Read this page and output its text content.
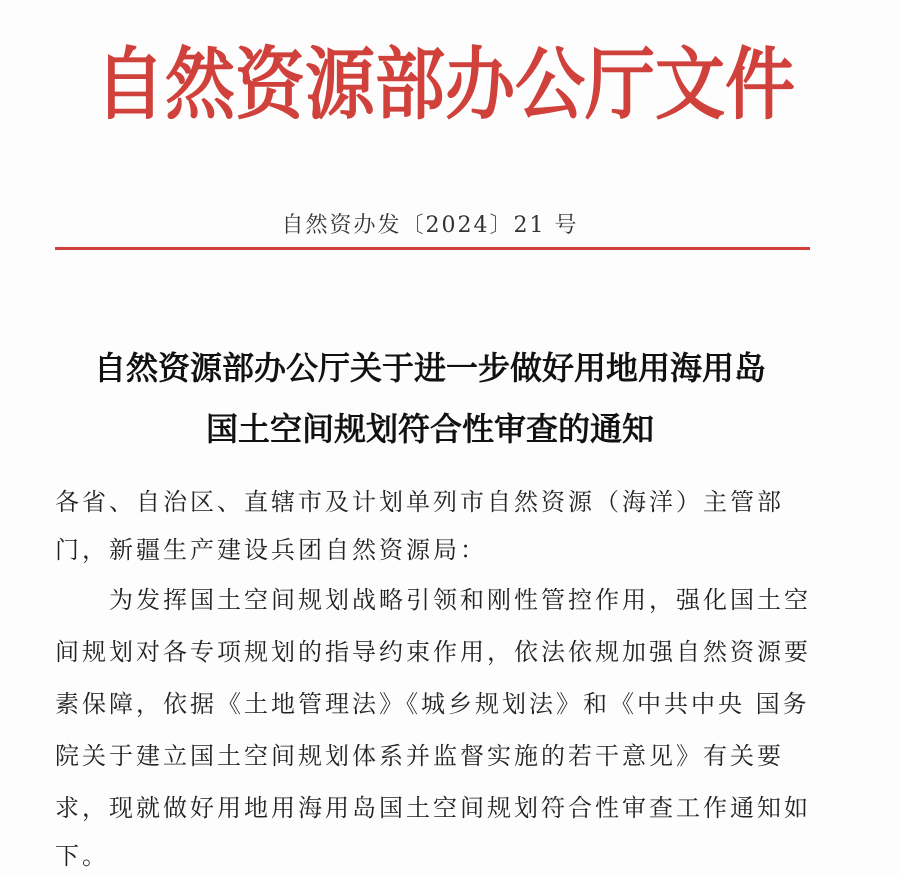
自 然 资 源 部 办 公 厅 文 件
自然资办发〔2024〕21 号
自然资源部办公厅关于进一步做好用地用海用岛
国土空间规划符合性审查的通知
各省、自治区、直辖市及计划单列市自然资源（海洋）主管部
门，新疆生产建设兵团自然资源局：
　　为发挥国土空间规划战略引领和刚性管控作用，强化国土空
间规划对各专项规划的指导约束作用，依法依规加强自然资源要
素保障，依据《土地管理法》《城乡规划法》和《中共中央 国务
院关于建立国土空间规划体系并监督实施的若干意见》有关要
求，现就做好用地用海用岛国土空间规划符合性审查工作通知如
下。
